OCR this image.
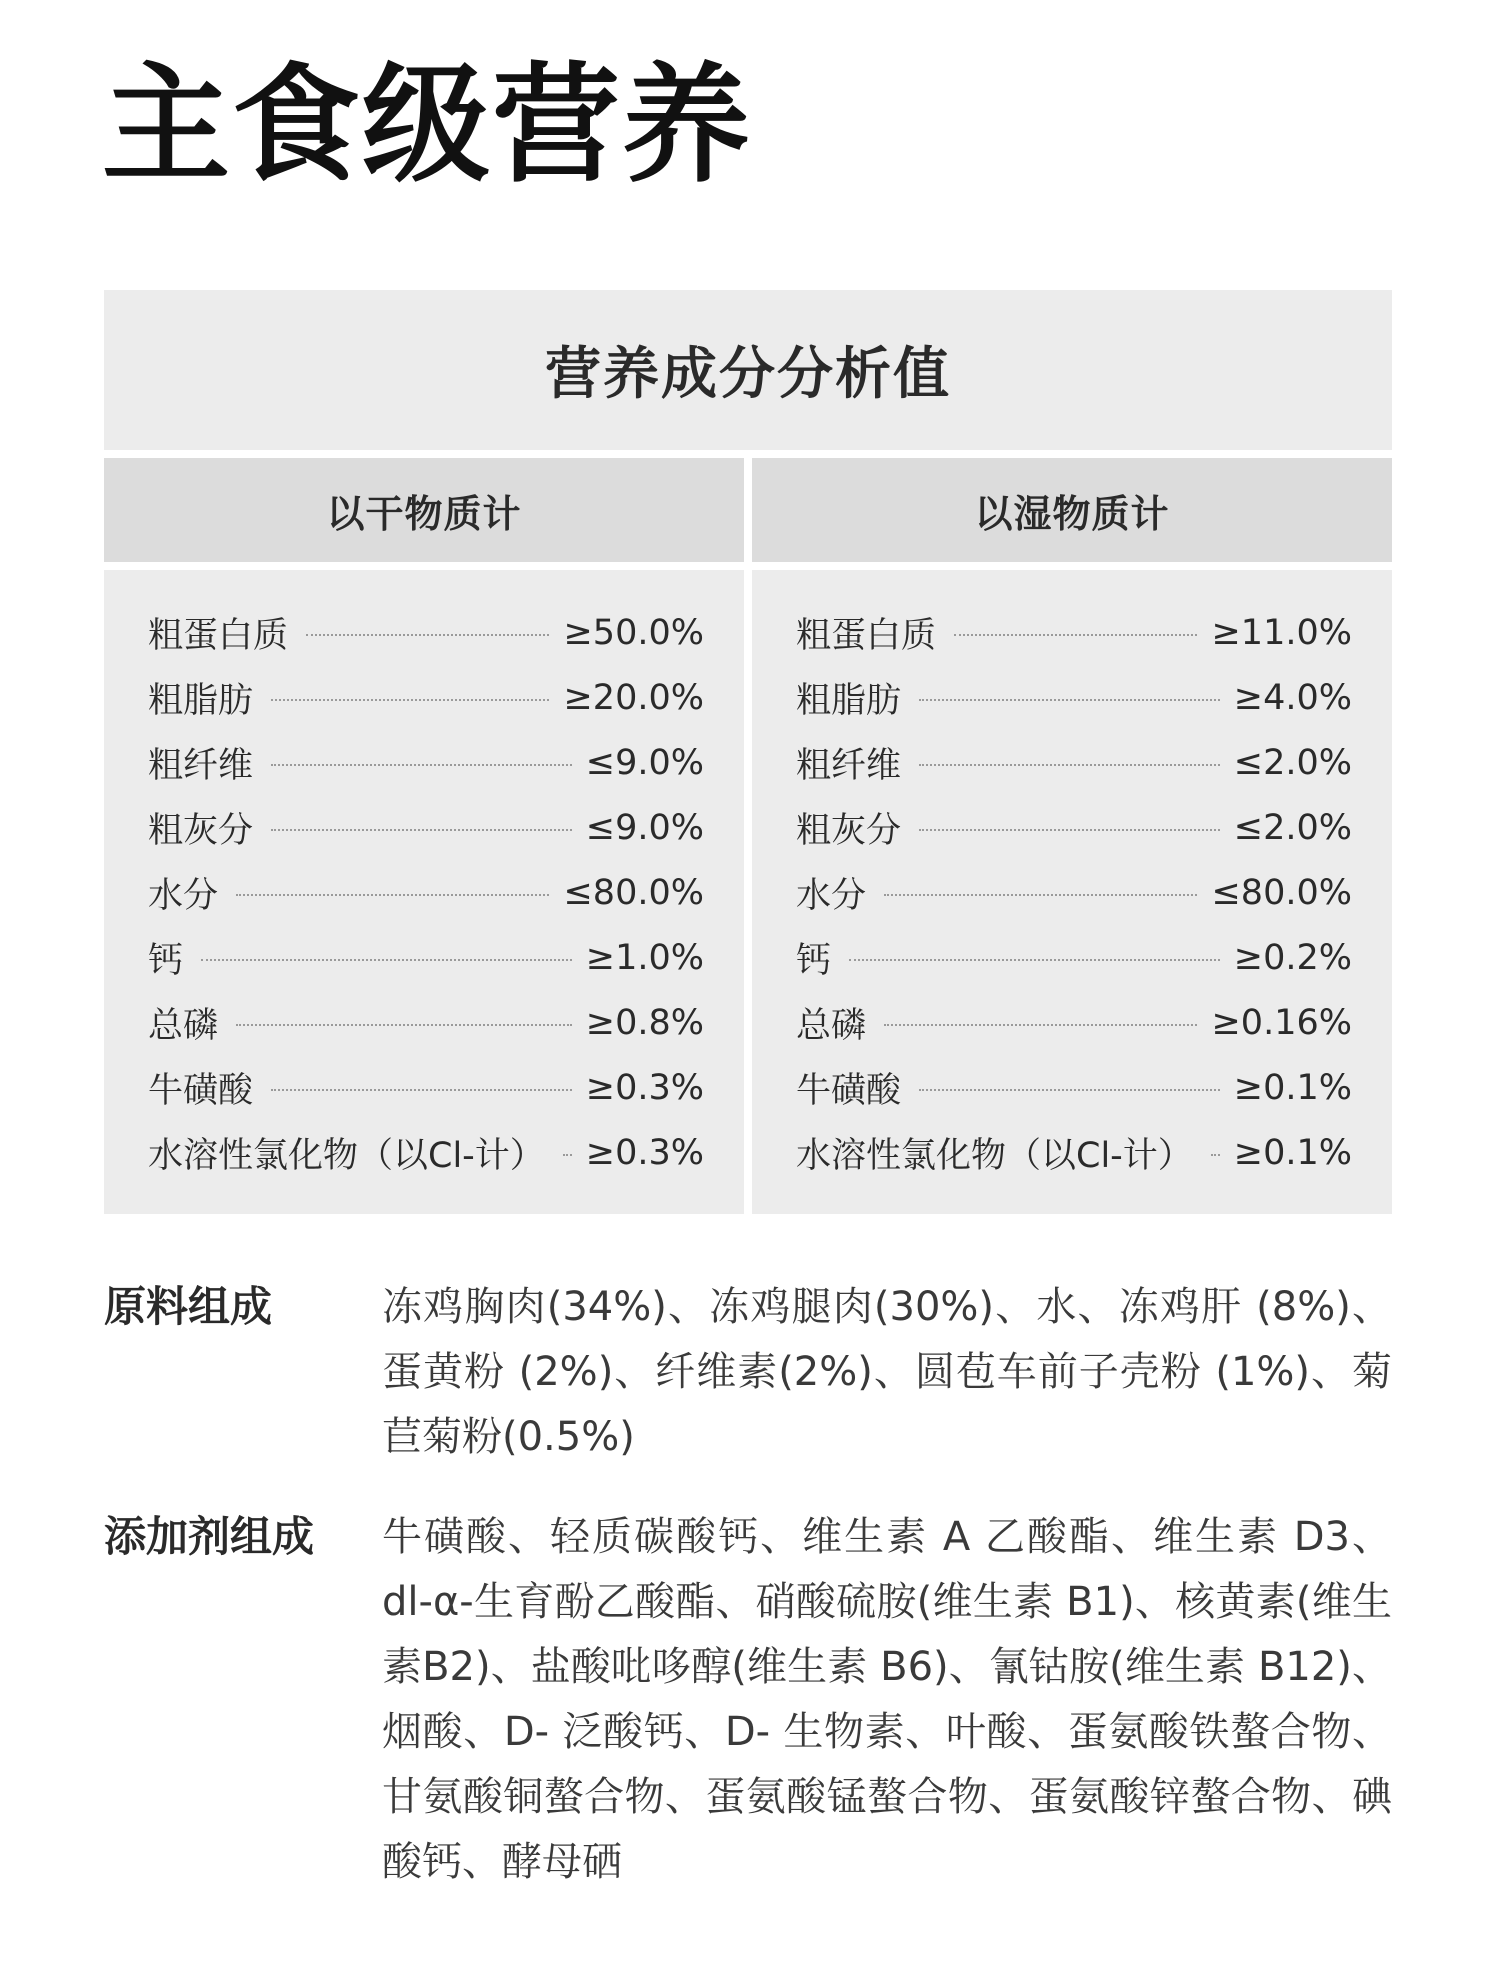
主食级营养
营养成分分析值
以干物质计	以湿物质计
粗蛋白质	≥50.0%
粗脂肪	≥20.0%
粗纤维	≤9.0%
粗灰分	≤9.0%
水分	≤80.0%
钙	≥1.0%
总磷	≥0.8%
牛磺酸	≥0.3%
水溶性氯化物（以Cl-计） ≥0.3%
粗蛋白质	≥11.0%
粗脂肪	≥4.0%
粗纤维	≤2.0%
粗灰分	≤2.0%
水分	≤80.0%
钙	≥0.2%
总磷	≥0.16%
牛磺酸	≥0.1%
水溶性氯化物（以Cl-计） ≥0.1%
原料组成	冻鸡胸肉(34%)、冻鸡腿肉(30%)、水、冻鸡肝 (8%)、蛋黄粉 (2%)、纤维素(2%)、圆苞车前子壳粉 (1%)、菊苣菊粉(0.5%)
添加剂组成	牛磺酸、轻质碳酸钙、维生素 A 乙酸酯、维生素 D3、dl-α-生育酚乙酸酯、硝酸硫胺(维生素 B1)、核黄素(维生素B2)、盐酸吡哆醇(维生素 B6)、氰钴胺(维生素 B12)、烟酸、D- 泛酸钙、D- 生物素、叶酸、蛋氨酸铁螯合物、甘氨酸铜螯合物、蛋氨酸锰螯合物、蛋氨酸锌螯合物、碘酸钙、酵母硒
